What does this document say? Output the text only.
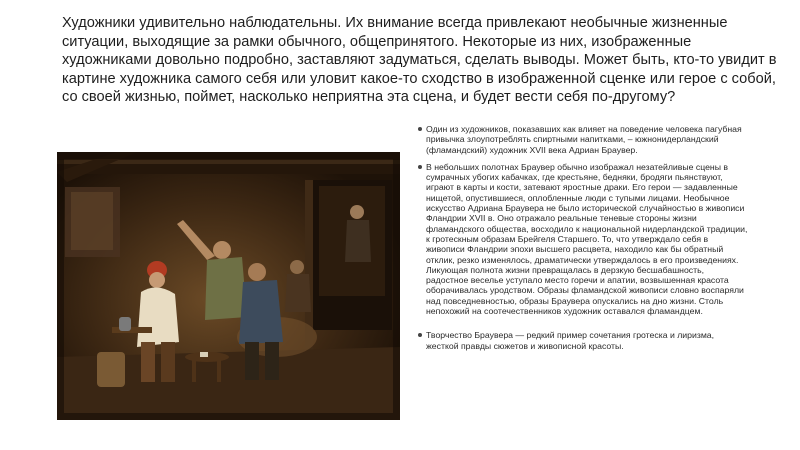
Художники удивительно наблюдательны. Их внимание всегда привлекают необычные жизненные ситуации, выходящие за рамки обычного, общепринятого. Некоторые из них, изображенные художниками довольно подробно, заставляют задуматься, сделать выводы. Может быть, кто-то увидит в картине художника самого себя или уловит какое-то сходство в изображенной сценке или герое с собой, со своей жизнью, поймет, насколько неприятна эта сцена, и будет вести себя по-другому?

Один из художников, показавших как влияет на поведение человека пагубная привычка злоупотреблять спиртными напитками, – южнонидерландский (фламандский) художник XVII века Адриан Браувер.
В небольших полотнах Браувер обычно изображал незатейливые сцены в сумрачных убогих кабачках, где крестьяне, бедняки, бродяги пьянствуют, играют в карты и кости, затевают яростные драки. Его герои — задавленные нищетой, опустившиеся, оплобленные люди с тупыми лицами. Необычное искусство Адриана Браувера не было исторической случайностью в живописи Фландрии XVII в. Оно отражало реальные теневые стороны жизни фламандского общества, восходило к национальной нидерландской традиции, к гротескным образам Брейгеля Старшего. То, что утверждало себя в живописи Фландрии эпохи высшего расцвета, находило как бы обратный отклик, резко изменялось, драматически утверждалось в его произведениях. Ликующая полнота жизни превращалась в дерзкую бесшабашность, радостное веселье уступало место горечи и апатии, возвышенная красота оборачивалась уродством. Образы фламандской живописи словно воспаряли над повседневностью, образы Браувера опускались на дно жизни. Столь непохожий на соотечественников художник оставался фламандцем.
Творчество Браувера — редкий пример сочетания гротеска и лиризма, жесткой правды сюжетов и живописной красоты.
